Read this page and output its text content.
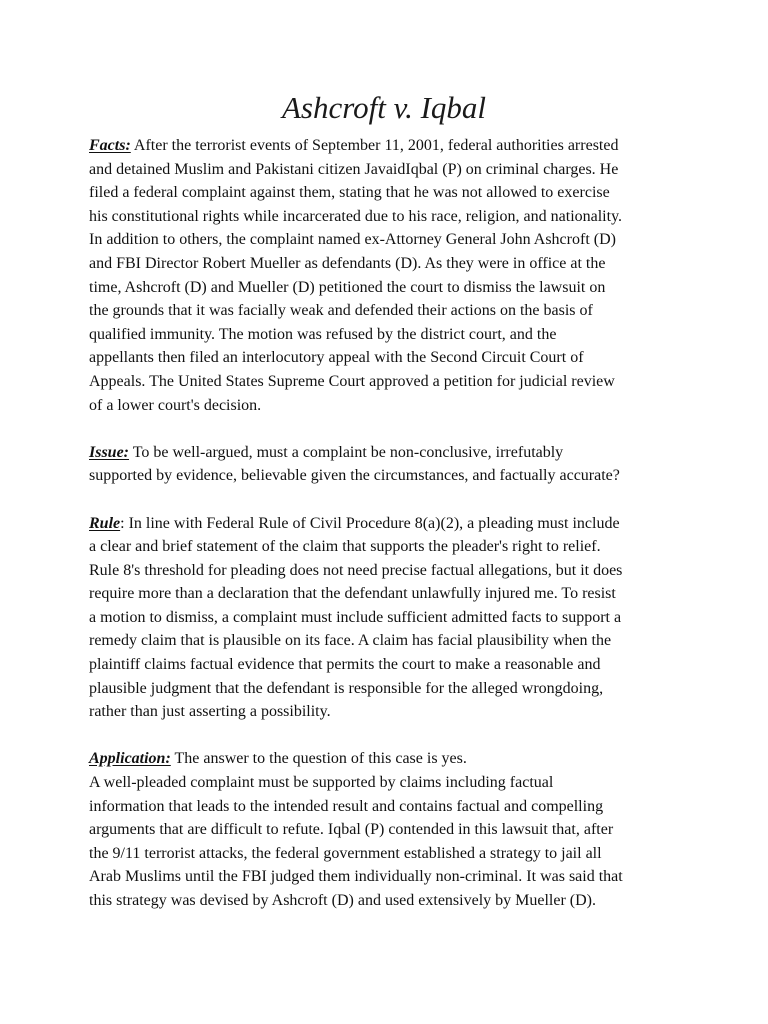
Ashcroft v. Iqbal
Facts: After the terrorist events of September 11, 2001, federal authorities arrested
and detained Muslim and Pakistani citizen JavaidIqbal (P) on criminal charges. He
filed a federal complaint against them, stating that he was not allowed to exercise
his constitutional rights while incarcerated due to his race, religion, and nationality.
In addition to others, the complaint named ex-Attorney General John Ashcroft (D)
and FBI Director Robert Mueller as defendants (D). As they were in office at the
time, Ashcroft (D) and Mueller (D) petitioned the court to dismiss the lawsuit on
the grounds that it was facially weak and defended their actions on the basis of
qualified immunity. The motion was refused by the district court, and the
appellants then filed an interlocutory appeal with the Second Circuit Court of
Appeals. The United States Supreme Court approved a petition for judicial review
of a lower court's decision.
Issue: To be well-argued, must a complaint be non-conclusive, irrefutably
supported by evidence, believable given the circumstances, and factually accurate?
Rule: In line with Federal Rule of Civil Procedure 8(a)(2), a pleading must include
a clear and brief statement of the claim that supports the pleader's right to relief.
Rule 8's threshold for pleading does not need precise factual allegations, but it does
require more than a declaration that the defendant unlawfully injured me. To resist
a motion to dismiss, a complaint must include sufficient admitted facts to support a
remedy claim that is plausible on its face. A claim has facial plausibility when the
plaintiff claims factual evidence that permits the court to make a reasonable and
plausible judgment that the defendant is responsible for the alleged wrongdoing,
rather than just asserting a possibility.
Application: The answer to the question of this case is yes.
A well-pleaded complaint must be supported by claims including factual
information that leads to the intended result and contains factual and compelling
arguments that are difficult to refute. Iqbal (P) contended in this lawsuit that, after
the 9/11 terrorist attacks, the federal government established a strategy to jail all
Arab Muslims until the FBI judged them individually non-criminal. It was said that
this strategy was devised by Ashcroft (D) and used extensively by Mueller (D).
